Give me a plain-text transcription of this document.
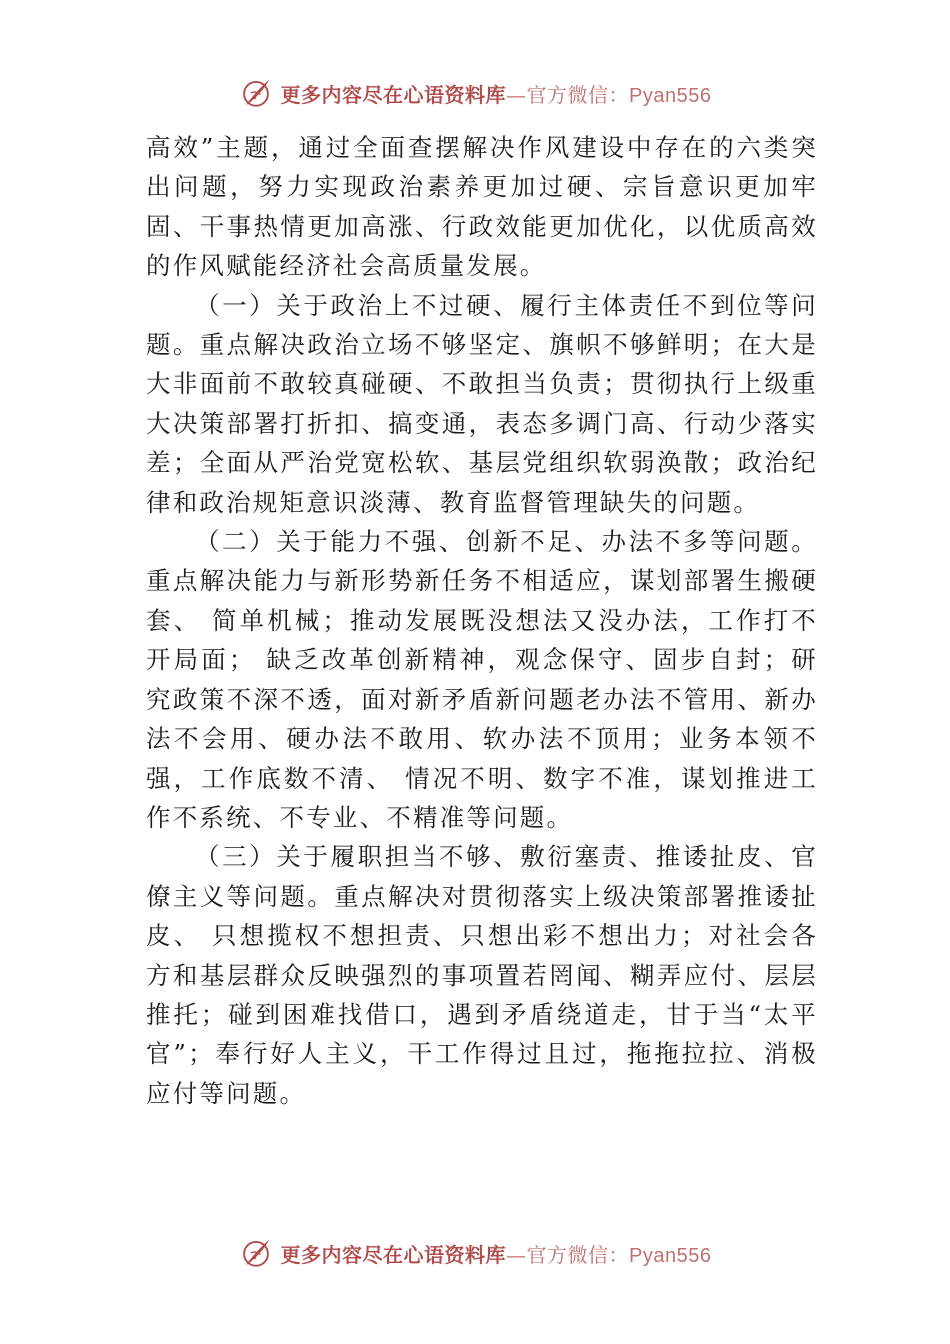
更多内容尽在心语资料库—官方微信：Pyan556

高效”主题，通过全面查摆解决作风建设中存在的六类突出问题，努力实现政治素养更加过硬、宗旨意识更加牢固、干事热情更加高涨、行政效能更加优化，以优质高效的作风赋能经济社会高质量发展。

（一）关于政治上不过硬、履行主体责任不到位等问题。重点解决政治立场不够坚定、旗帜不够鲜明；在大是大非面前不敢较真碰硬、不敢担当负责；贯彻执行上级重大决策部署打折扣、搞变通，表态多调门高、行动少落实差；全面从严治党宽松软、基层党组织软弱涣散；政治纪律和政治规矩意识淡薄、教育监督管理缺失的问题。

（二）关于能力不强、创新不足、办法不多等问题。重点解决能力与新形势新任务不相适应，谋划部署生搬硬套、 简单机械；推动发展既没想法又没办法，工作打不开局面； 缺乏改革创新精神，观念保守、固步自封；研究政策不深不透，面对新矛盾新问题老办法不管用、新办法不会用、硬办法不敢用、软办法不顶用；业务本领不强，工作底数不清、 情况不明、数字不准，谋划推进工作不系统、不专业、不精准等问题。

（三）关于履职担当不够、敷衍塞责、推诿扯皮、官僚主义等问题。重点解决对贯彻落实上级决策部署推诿扯皮、 只想揽权不想担责、只想出彩不想出力；对社会各方和基层群众反映强烈的事项置若罔闻、糊弄应付、层层推托；碰到困难找借口，遇到矛盾绕道走，甘于当“太平官”；奉行好人主义，干工作得过且过，拖拖拉拉、消极应付等问题。

更多内容尽在心语资料库—官方微信：Pyan556
